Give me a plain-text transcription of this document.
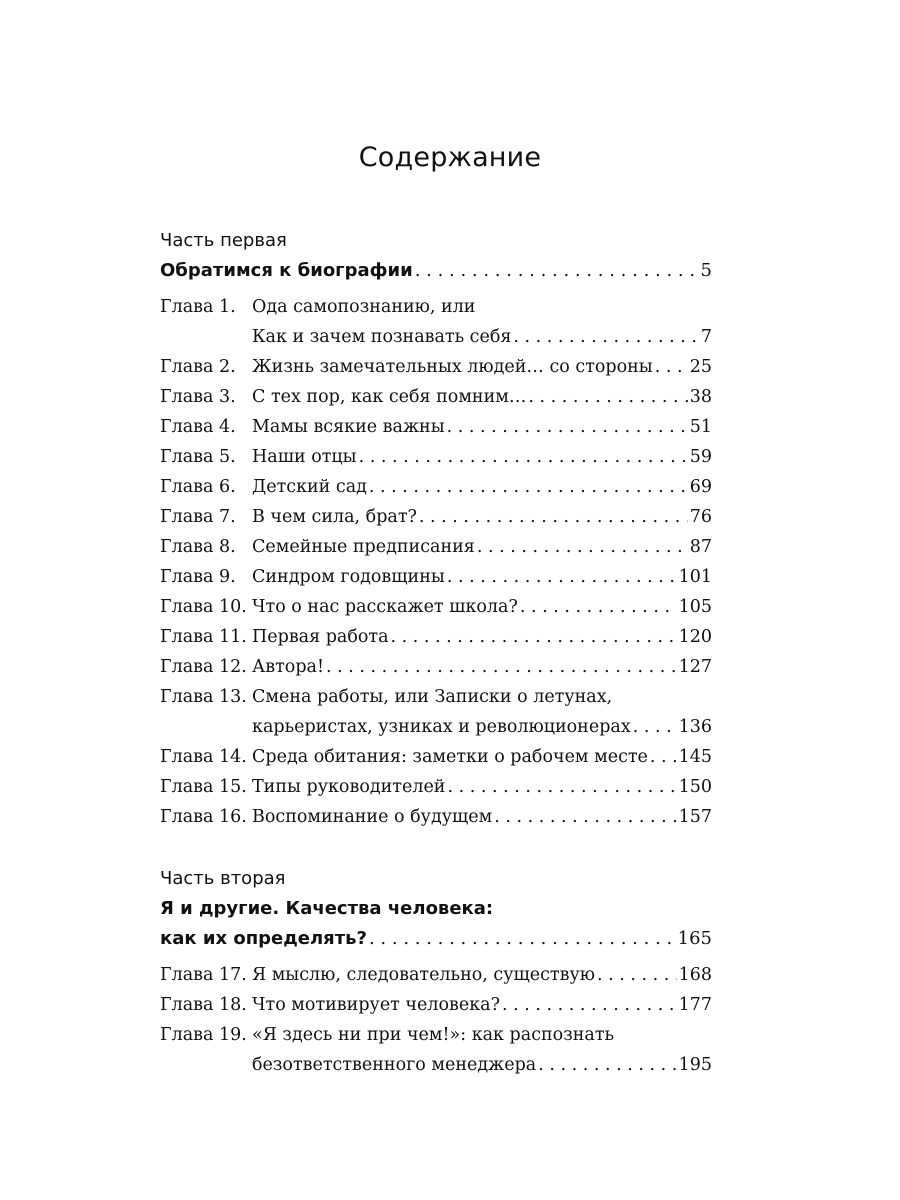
Содержание
Часть первая
Обратимся к биографии . . .	5
Глава 1. Ода самопознанию, или
Как и зачем познавать себя . . .	7
Глава 2. Жизнь замечательных людей… со стороны . . . 25
Глава 3. С тех пор, как себя помним… . . .	38
Глава 4. Мамы всякие важны . . .	51
Глава 5. Наши отцы . . .	59
Глава 6. Детский сад . . .	69
Глава 7. В чем сила, брат? . . .	76
Глава 8. Семейные предписания . . .	87
Глава 9. Синдром годовщины . . .	101
Глава 10. Что о нас расскажет школа? . . .	105
Глава 11. Первая работа . . .	120
Глава 12. Автора! . . .	127
Глава 13. Смена работы, или Записки о летунах,
карьеристах, узниках и революционерах . . .	136
Глава 14. Среда обитания: заметки о рабочем месте . . . 145
Глава 15. Типы руководителей . . .	150
Глава 16. Воспоминание о будущем . . .	157
Часть вторая
Я и другие. Качества человека:
как их определять? . . .	165
Глава 17. Я мыслю, следовательно, существую . . .	168
Глава 18. Что мотивирует человека? . . .	177
Глава 19. «Я здесь ни при чем!»: как распознать
безответственного менеджера . . .	195
